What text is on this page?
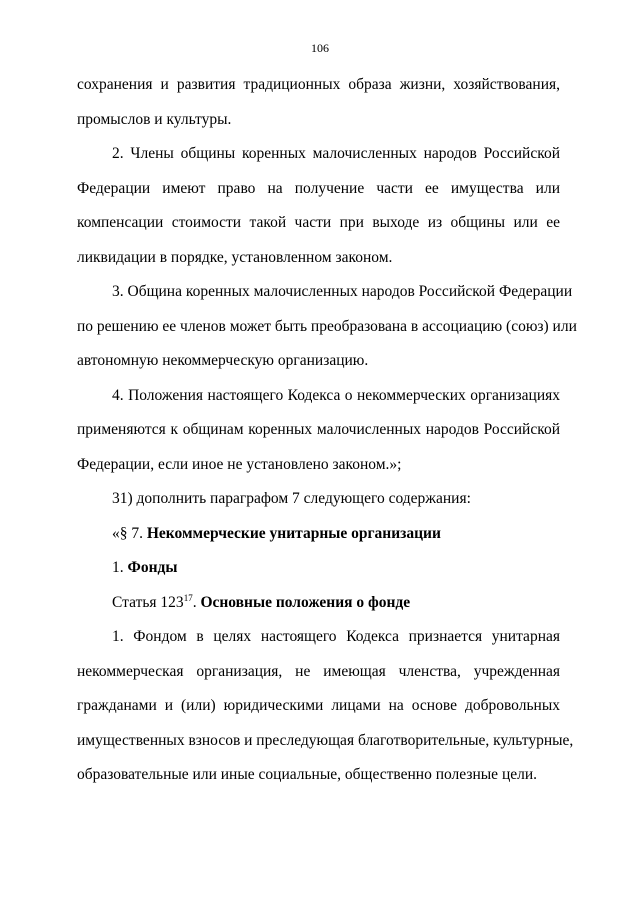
106
сохранения и развития традиционных образа жизни, хозяйствования,
промыслов и культуры.
2. Члены общины коренных малочисленных народов Российской
Федерации имеют право на получение части ее имущества или
компенсации стоимости такой части при выходе из общины или ее
ликвидации в порядке, установленном законом.
3. Община коренных малочисленных народов Российской Федерации
по решению ее членов может быть преобразована в ассоциацию (союз) или
автономную некоммерческую организацию.
4. Положения настоящего Кодекса о некоммерческих организациях
применяются к общинам коренных малочисленных народов Российской
Федерации, если иное не установлено законом.»;
31) дополнить параграфом 7 следующего содержания:
«§ 7. Некоммерческие унитарные организации
1. Фонды
Статья $123^{17}$. Основные положения о фонде
1. Фондом в целях настоящего Кодекса признается унитарная
некоммерческая организация, не имеющая членства, учрежденная
гражданами и (или) юридическими лицами на основе добровольных
имущественных взносов и преследующая благотворительные, культурные,
образовательные или иные социальные, общественно полезные цели.
